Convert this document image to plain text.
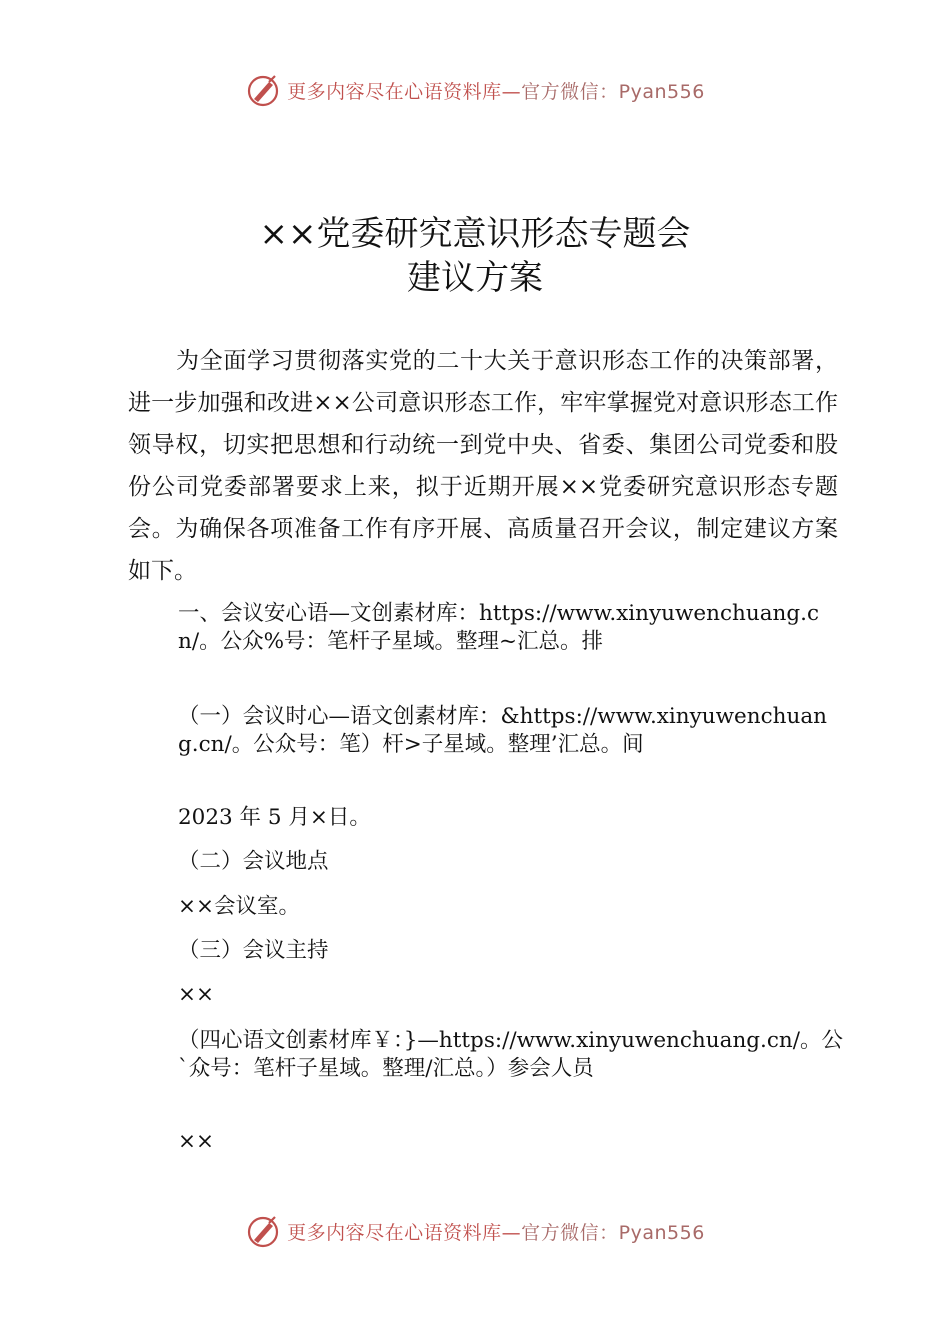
更多内容尽在心语资料库— 官方微信：Pyan556
××党委研究意识形态专题会
建议方案

为全面学习贯彻落实党的二十大关于意识形态工作的决策部署，进一步加强和改进××公司意识形态工作，牢牢掌握党对意识形态工作领导权，切实把思想和行动统一到党中央、省委、集团公司党委和股份公司党委部署要求上来，拟于近期开展××党委研究意识形态专题会。为确保各项准备工作有序开展、高质量召开会议，制定建议方案如下。

一、会议安心语—文创素材库：https://www.xinyuwenchuang.cn/。公众%号：笔杆子星域。整理~汇总。排

（一）会议时心—语文创素材库：&https://www.xinyuwenchuang.cn/。公众号：笔）杆>子星域。整理’汇总。间

2023 年 5 月×日。

（二）会议地点

××会议室。

（三）会议主持

××

（四心语文创素材库￥：}—https://www.xinyuwenchuang.cn/。公`众号：笔杆子星域。整理/汇总。）参会人员

××

更多内容尽在心语资料库— 官方微信：Pyan556
